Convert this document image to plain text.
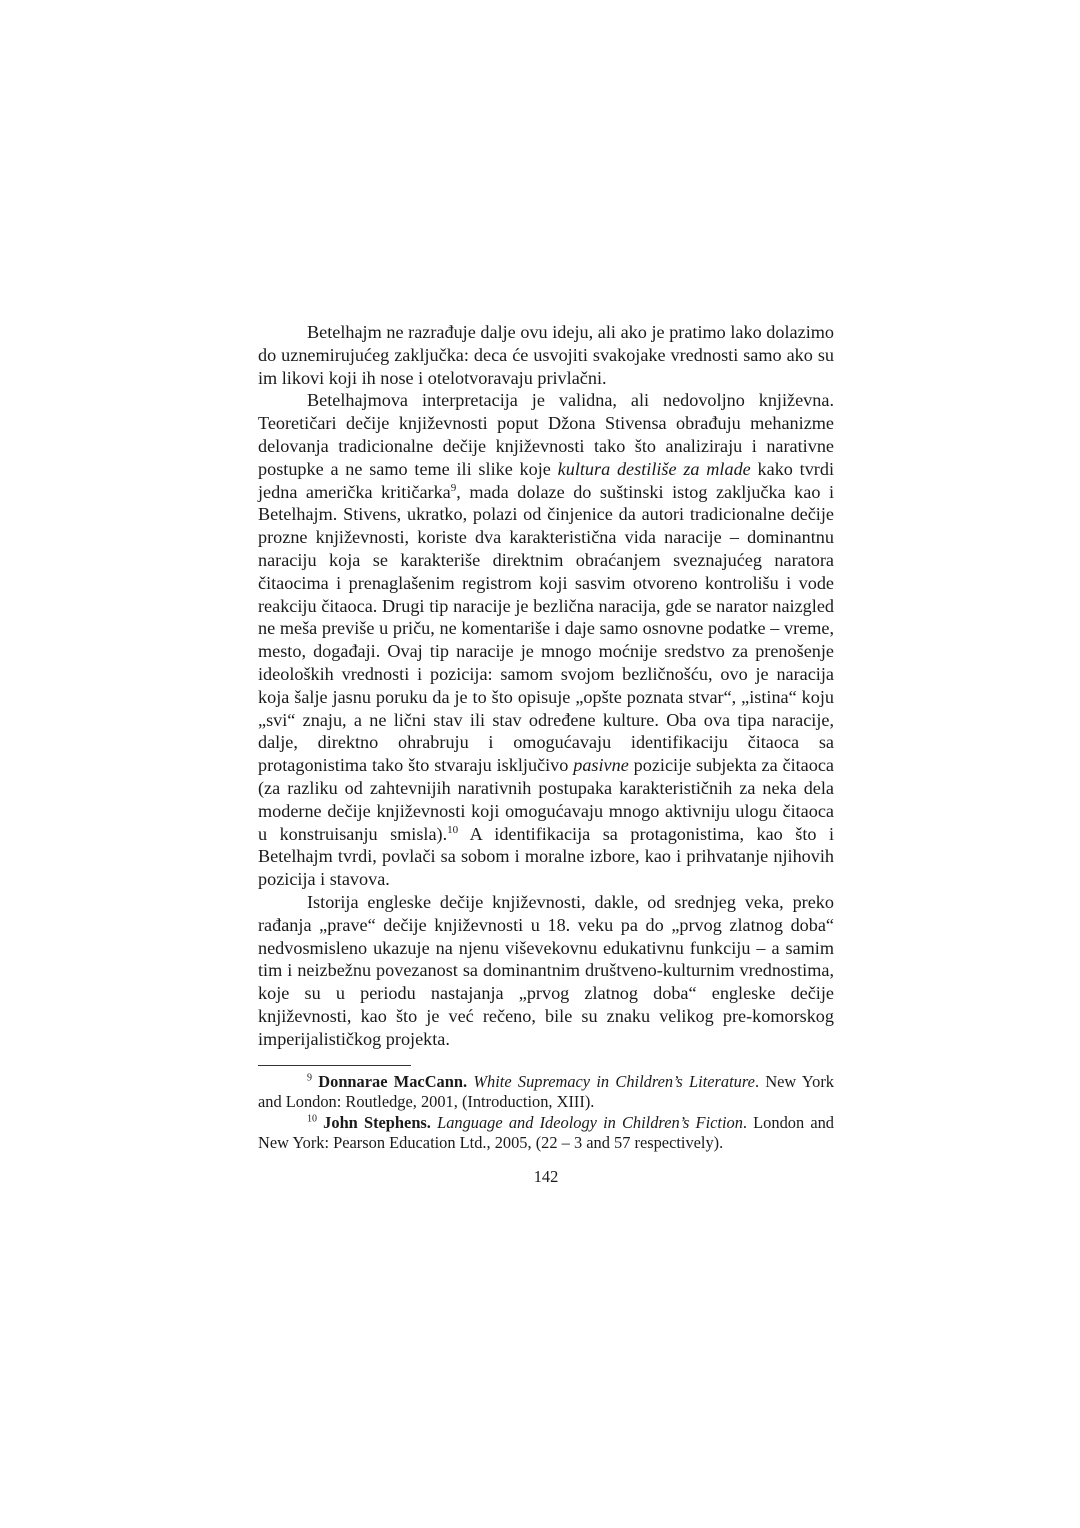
Betelhajm ne razrađuje dalje ovu ideju, ali ako je pratimo lako dolazimo do uznemirujućeg zaključka: deca će usvojiti svakojake vrednosti samo ako su im likovi koji ih nose i otelotvoravaju privlačni.

Betelhajmova interpretacija je validna, ali nedovoljno književna. Teoretičari dečije književnosti poput Džona Stivensa obrađuju mehanizme delovanja tradicionalne dečije književnosti tako što analiziraju i narativne postupke a ne samo teme ili slike koje kultura destiliše za mlade kako tvrdi jedna američka kritičarka$^9$, mada dolaze do suštinski istog zaključka kao i Betelhajm. Stivens, ukratko, polazi od činjenice da autori tradicionalne dečije prozne književnosti, koriste dva karakteristična vida naracije – dominantnu naraciju koja se karakteriše direktnim obraćanjem sveznajućeg naratora čitaocima i prenaglašenim registrom koji sasvim otvoreno kontrolišu i vode reakciju čitaoca. Drugi tip naracije je bezlična naracija, gde se narator naizgled ne meša previše u priču, ne komentariše i daje samo osnovne podatke – vreme, mesto, događaji. Ovaj tip naracije je mnogo moćnije sredstvo za prenošenje ideoloških vrednosti i pozicija: samom svojom bezličnošću, ovo je naracija koja šalje jasnu poruku da je to što opisuje „opšte poznata stvar“, „istina“ koju „svi“ znaju, a ne lični stav ili stav određene kulture. Oba ova tipa naracije, dalje, direktno ohrabruju i omogućavaju identifikaciju čitaoca sa protagonistima tako što stvaraju isključivo pasivne pozicije subjekta za čitaoca (za razliku od zahtevnijih narativnih postupaka karakterističnih za neka dela moderne dečije književnosti koji omogućavaju mnogo aktivniju ulogu čitaoca u konstruisanju smisla).$^{10}$ A identifikacija sa protagonistima, kao što i Betelhajm tvrdi, povlači sa sobom i moralne izbore, kao i prihvatanje njihovih pozicija i stavova.

Istorija engleske dečije književnosti, dakle, od srednjeg veka, preko rađanja „prave“ dečije književnosti u 18. veku pa do „prvog zlatnog doba“ nedvosmisleno ukazuje na njenu viševekovnu edukativnu funkciju – a samim tim i neizbežnu povezanost sa dominantnim društveno-kulturnim vrednostima, koje su u periodu nastajanja „prvog zlatnog doba“ engleske dečije književnosti, kao što je već rečeno, bile su znaku velikog pre-komorskog imperijalističkog projekta.

$^9$ Donnarae MacCann. White Supremacy in Children’s Literature. New York and London: Routledge, 2001, (Introduction, XIII).

$^{10}$ John Stephens. Language and Ideology in Children’s Fiction. London and New York: Pearson Education Ltd., 2005, (22 – 3 and 57 respectively).

142
